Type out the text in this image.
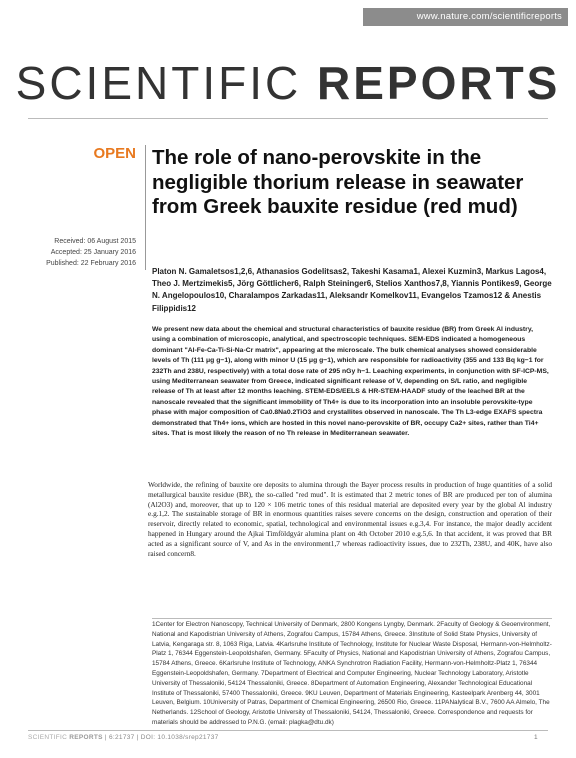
www.nature.com/scientificreports
SCIENTIFIC REPORTS
OPEN
Received: 06 August 2015
Accepted: 25 January 2016
Published: 22 February 2016
The role of nano-perovskite in the negligible thorium release in seawater from Greek bauxite residue (red mud)
Platon N. Gamaletsos1,2,6, Athanasios Godelitsas2, Takeshi Kasama1, Alexei Kuzmin3, Markus Lagos4, Theo J. Mertzimekis5, Jörg Göttlicher6, Ralph Steininger6, Stelios Xanthos7,8, Yiannis Pontikes9, George N. Angelopoulos10, Charalampos Zarkadas11, Aleksandr Komelkov11, Evangelos Tzamos12 & Anestis Filippidis12
We present new data about the chemical and structural characteristics of bauxite residue (BR) from Greek Al industry, using a combination of microscopic, analytical, and spectroscopic techniques. SEM-EDS indicated a homogeneous dominant "Al-Fe-Ca-Ti-Si-Na-Cr matrix", appearing at the microscale. The bulk chemical analyses showed considerable levels of Th (111 μg g−1), along with minor U (15 μg g−1), which are responsible for radioactivity (355 and 133 Bq kg−1 for 232Th and 238U, respectively) with a total dose rate of 295 nGy h−1. Leaching experiments, in conjunction with SF-ICP-MS, using Mediterranean seawater from Greece, indicated significant release of V, depending on S/L ratio, and negligible release of Th at least after 12 months leaching. STEM-EDS/EELS & HR-STEM-HAADF study of the leached BR at the nanoscale revealed that the significant immobility of Th4+ is due to its incorporation into an insoluble perovskite-type phase with major composition of Ca0.8Na0.2TiO3 and crystallites observed in nanoscale. The Th L3-edge EXAFS spectra demonstrated that Th4+ ions, which are hosted in this novel nano-perovskite of BR, occupy Ca2+ sites, rather than Ti4+ sites. That is most likely the reason of no Th release in Mediterranean seawater.
Worldwide, the refining of bauxite ore deposits to alumina through the Bayer process results in production of huge quantities of a solid metallurgical bauxite residue (BR), the so-called "red mud". It is estimated that 2 metric tones of BR are produced per ton of alumina (Al2O3) and, moreover, that up to 120 × 106 metric tones of this residual material are deposited every year by the global Al industry e.g.1,2. The sustainable storage of BR in enormous quantities raises severe concerns on the design, construction and operation of their reservoir, directly related to economic, spatial, technological and environmental issues e.g.3,4. For instance, the major deadly accident happened in Hungary around the Ajkai Timföldgyár alumina plant on 4th October 2010 e.g.5,6. In that accident, it was proved that BR acted as a significant source of V, and As in the environment1,7 whereas radioactivity issues, due to 232Th, 238U, and 40K, have also raised concern8.
1Center for Electron Nanoscopy, Technical University of Denmark, 2800 Kongens Lyngby, Denmark. 2Faculty of Geology & Geoenvironment, National and Kapodistrian University of Athens, Zografou Campus, 15784 Athens, Greece. 3Institute of Solid State Physics, University of Latvia, Kengaraga str. 8, 1063 Riga, Latvia. 4Karlsruhe Institute of Technology, Institute for Nuclear Waste Disposal, Hermann-von-Helmholtz-Platz 1, 76344 Eggenstein-Leopoldshafen, Germany. 5Faculty of Physics, National and Kapodistrian University of Athens, Zografou Campus, 15784 Athens, Greece. 6Karlsruhe Institute of Technology, ANKA Synchrotron Radiation Facility, Hermann-von-Helmholtz-Platz 1, 76344 Eggenstein-Leopoldshafen, Germany. 7Department of Electrical and Computer Engineering, Nuclear Technology Laboratory, Aristotle University of Thessaloniki, 54124 Thessaloniki, Greece. 8Department of Automation Engineering, Alexander Technological Educational Institute of Thessaloniki, 57400 Thessaloniki, Greece. 9KU Leuven, Department of Materials Engineering, Kasteelpark Arenberg 44, 3001 Leuven, Belgium. 10University of Patras, Department of Chemical Engineering, 26500 Rio, Greece. 11PANalytical B.V., 7600 AA Almelo, The Netherlands. 12School of Geology, Aristotle University of Thessaloniki, 54124, Thessaloniki, Greece. Correspondence and requests for materials should be addressed to P.N.G. (email: plagka@dtu.dk)
SCIENTIFIC REPORTS | 6:21737 | DOI: 10.1038/srep21737	1
